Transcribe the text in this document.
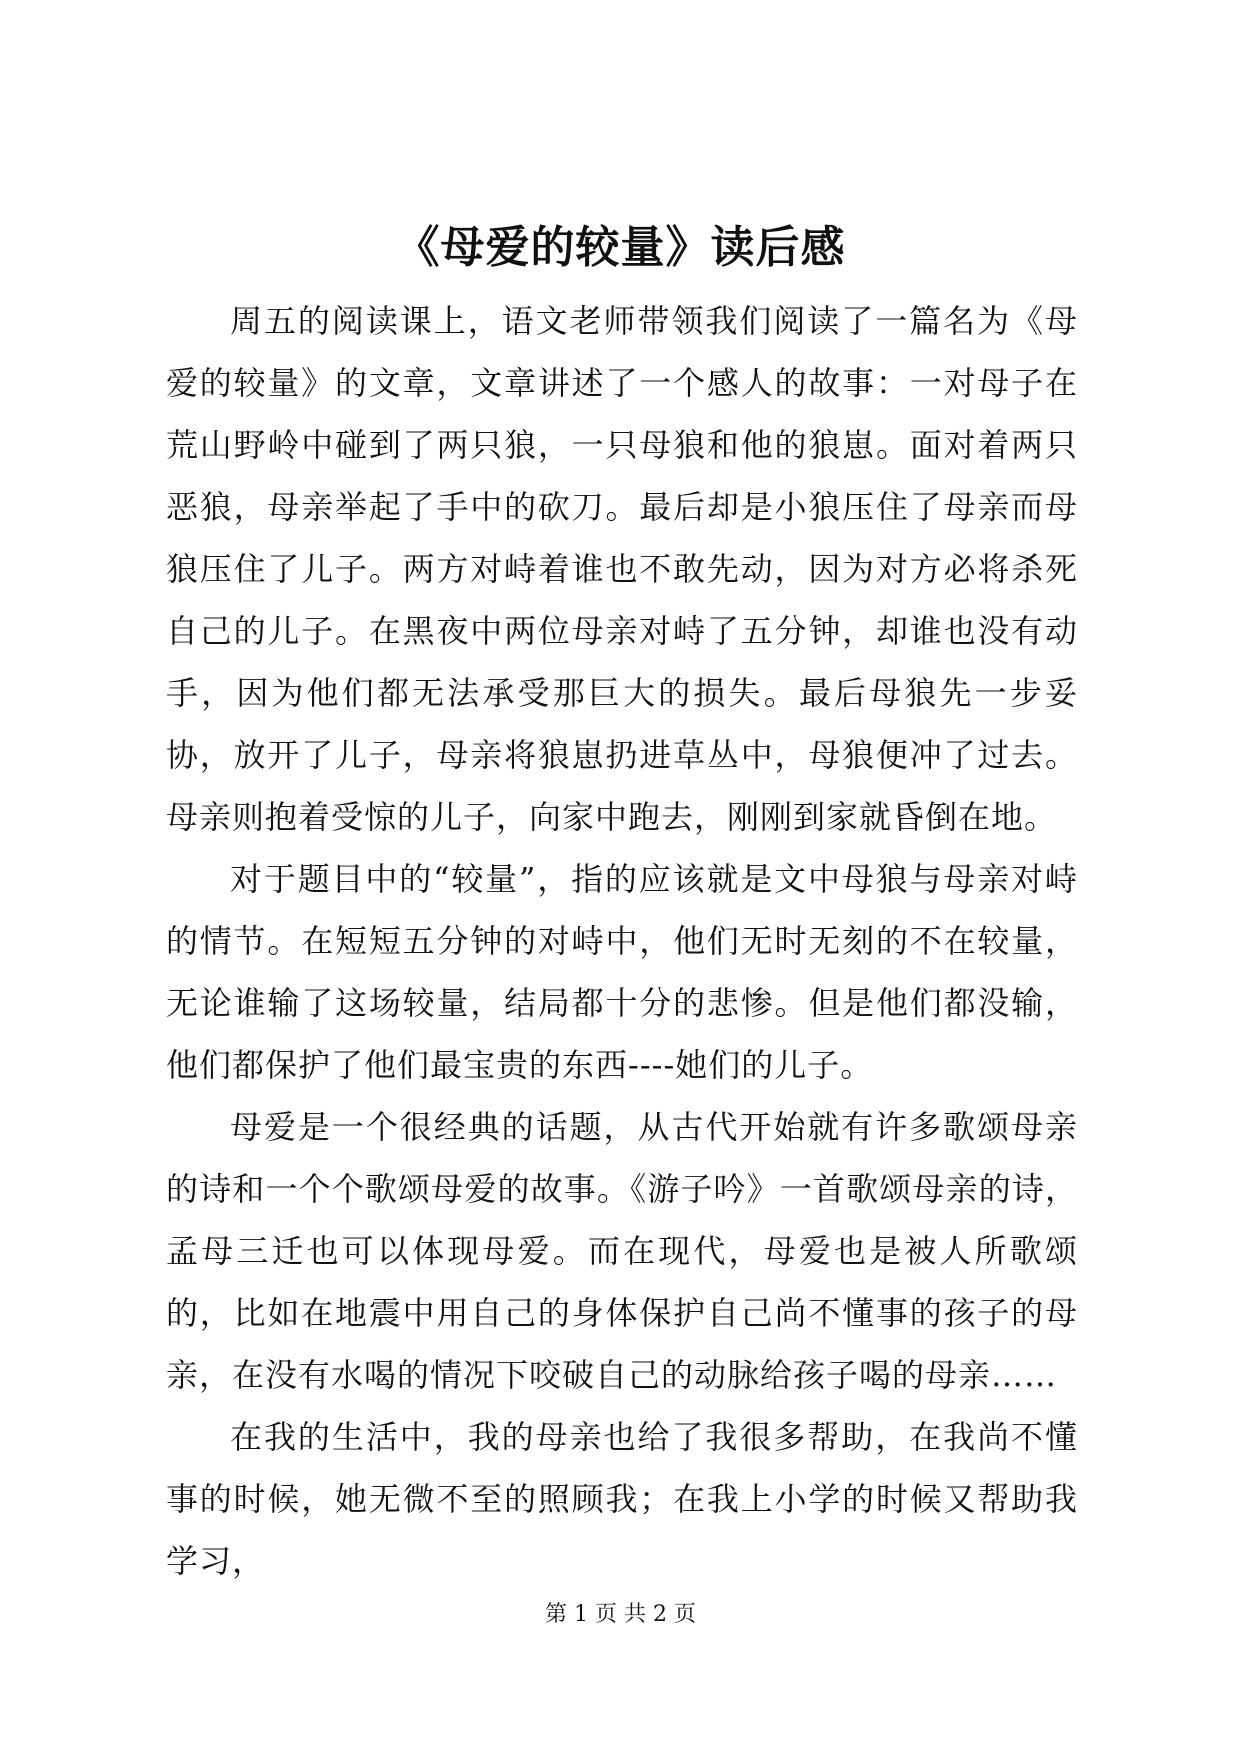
《母爱的较量》读后感

周五的阅读课上，语文老师带领我们阅读了一篇名为《母爱的较量》的文章，文章讲述了一个感人的故事：一对母子在荒山野岭中碰到了两只狼，一只母狼和他的狼崽。面对着两只恶狼，母亲举起了手中的砍刀。最后却是小狼压住了母亲而母狼压住了儿子。两方对峙着谁也不敢先动，因为对方必将杀死自己的儿子。在黑夜中两位母亲对峙了五分钟，却谁也没有动手，因为他们都无法承受那巨大的损失。最后母狼先一步妥协，放开了儿子，母亲将狼崽扔进草丛中，母狼便冲了过去。母亲则抱着受惊的儿子，向家中跑去，刚刚到家就昏倒在地。

对于题目中的“较量”，指的应该就是文中母狼与母亲对峙的情节。在短短五分钟的对峙中，他们无时无刻的不在较量，无论谁输了这场较量，结局都十分的悲惨。但是他们都没输，他们都保护了他们最宝贵的东西----她们的儿子。

母爱是一个很经典的话题，从古代开始就有许多歌颂母亲的诗和一个个歌颂母爱的故事。《游子吟》一首歌颂母亲的诗，孟母三迁也可以体现母爱。而在现代，母爱也是被人所歌颂的，比如在地震中用自己的身体保护自己尚不懂事的孩子的母亲，在没有水喝的情况下咬破自己的动脉给孩子喝的母亲……

在我的生活中，我的母亲也给了我很多帮助，在我尚不懂事的时候，她无微不至的照顾我；在我上小学的时候又帮助我学习，

第 1 页 共 2 页
